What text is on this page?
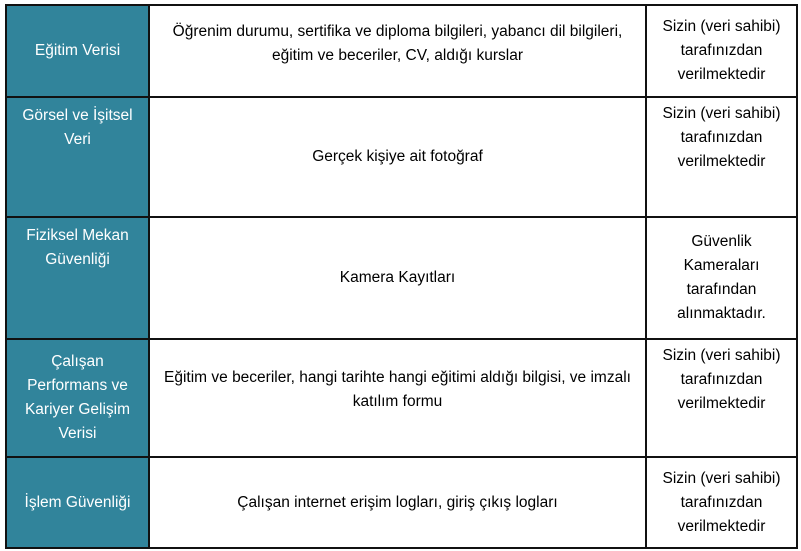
Eğitim Verisi	Öğrenim durumu, sertifika ve diploma bilgileri, yabancı dil bilgileri, eğitim ve beceriler, CV, aldığı kurslar	Sizin (veri sahibi) tarafınızdan verilmektedir
Görsel ve İşitsel Veri	Gerçek kişiye ait fotoğraf	Sizin (veri sahibi) tarafınızdan verilmektedir
Fiziksel Mekan Güvenliği	Kamera Kayıtları	Güvenlik Kameraları tarafından alınmaktadır.
Çalışan Performans ve Kariyer Gelişim Verisi	Eğitim ve beceriler, hangi tarihte hangi eğitimi aldığı bilgisi, ve imzalı katılım formu	Sizin (veri sahibi) tarafınızdan verilmektedir
İşlem Güvenliği	Çalışan internet erişim logları, giriş çıkış logları	Sizin (veri sahibi) tarafınızdan verilmektedir
